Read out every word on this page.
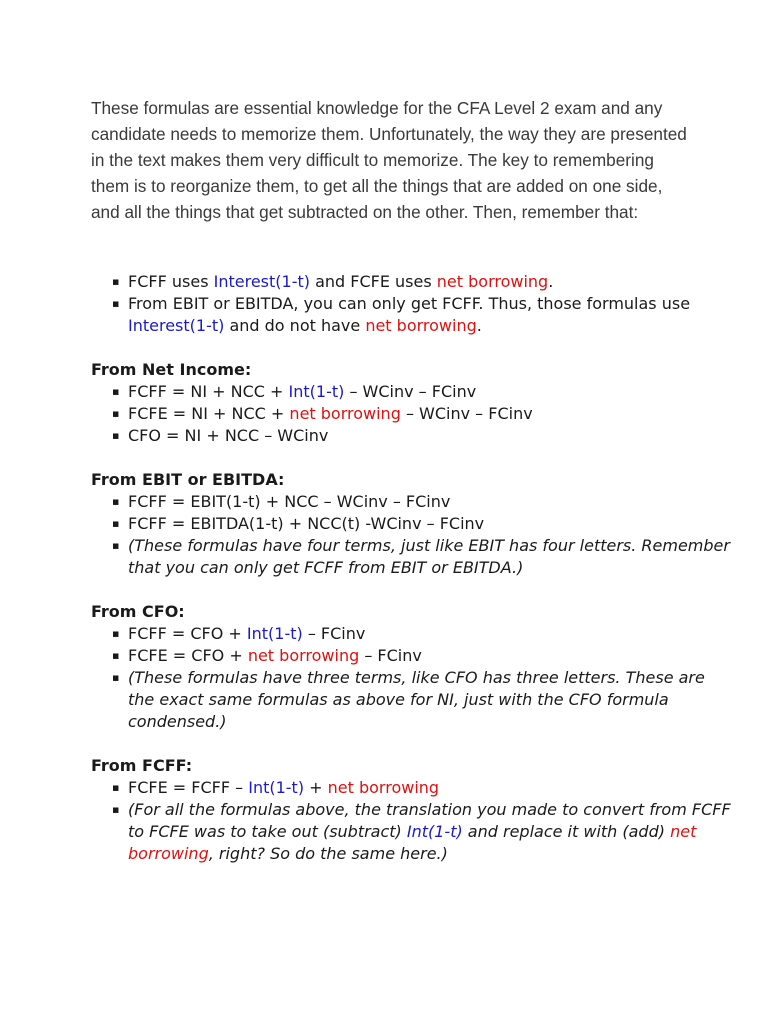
These formulas are essential knowledge for the CFA Level 2 exam and any candidate needs to memorize them. Unfortunately, the way they are presented in the text makes them very difficult to memorize. The key to remembering them is to reorganize them, to get all the things that are added on one side, and all the things that get subtracted on the other. Then, remember that:

▪ FCFF uses Interest(1-t) and FCFE uses net borrowing.
▪ From EBIT or EBITDA, you can only get FCFF. Thus, those formulas use Interest(1-t) and do not have net borrowing.
From Net Income:
▪ FCFF = NI + NCC + Int(1-t) – WCinv – FCinv
▪ FCFE = NI + NCC + net borrowing – WCinv – FCinv
▪ CFO = NI + NCC – WCinv
From EBIT or EBITDA:
▪ FCFF = EBIT(1-t) + NCC – WCinv – FCinv
▪ FCFF = EBITDA(1-t) + NCC(t) -WCinv – FCinv
▪ (These formulas have four terms, just like EBIT has four letters. Remember that you can only get FCFF from EBIT or EBITDA.)
From CFO:
▪ FCFF = CFO + Int(1-t) – FCinv
▪ FCFE = CFO + net borrowing – FCinv
▪ (These formulas have three terms, like CFO has three letters. These are the exact same formulas as above for NI, just with the CFO formula condensed.)
From FCFF:
▪ FCFE = FCFF – Int(1-t) + net borrowing
▪ (For all the formulas above, the translation you made to convert from FCFF to FCFE was to take out (subtract) Int(1-t) and replace it with (add) net borrowing, right? So do the same here.)
